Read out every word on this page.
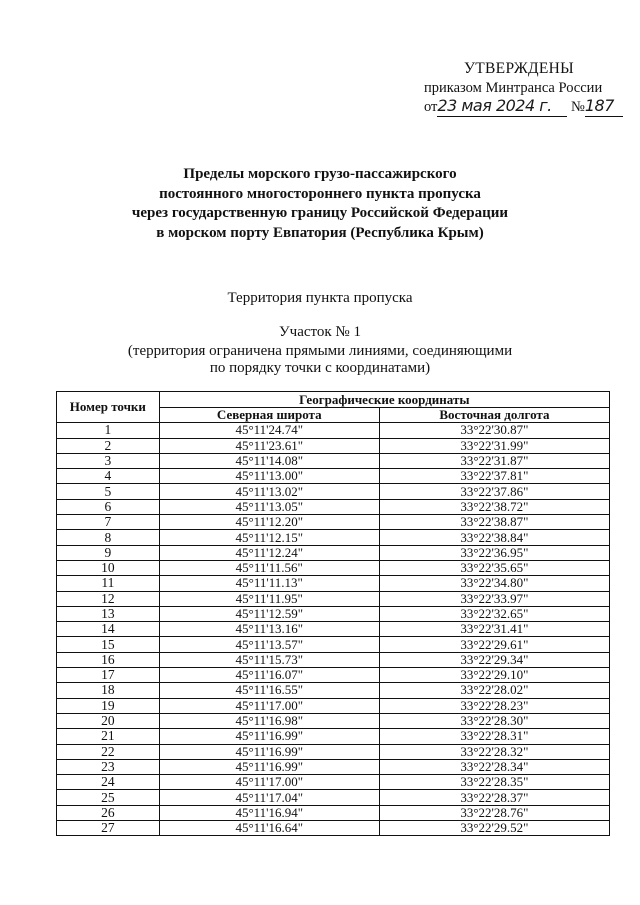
УТВЕРЖДЕНЫ
приказом Минтранса России
от23 мая 2024 г. №187
Пределы морского грузо-пассажирского
постоянного многостороннего пункта пропуска
через государственную границу Российской Федерации
в морском порту Евпатория (Республика Крым)
Территория пункта пропуска
Участок № 1
(территория ограничена прямыми линиями, соединяющими
по порядку точки с координатами)
Номер точки	Географические координаты	
	Северная широта	Восточная долгота
1	45°11'24.74"	33°22'30.87"
2	45°11'23.61"	33°22'31.99"
3	45°11'14.08"	33°22'31.87"
4	45°11'13.00"	33°22'37.81"
5	45°11'13.02"	33°22'37.86"
6	45°11'13.05"	33°22'38.72"
7	45°11'12.20"	33°22'38.87"
8	45°11'12.15"	33°22'38.84"
9	45°11'12.24"	33°22'36.95"
10	45°11'11.56"	33°22'35.65"
11	45°11'11.13"	33°22'34.80"
12	45°11'11.95"	33°22'33.97"
13	45°11'12.59"	33°22'32.65"
14	45°11'13.16"	33°22'31.41"
15	45°11'13.57"	33°22'29.61"
16	45°11'15.73"	33°22'29.34"
17	45°11'16.07"	33°22'29.10"
18	45°11'16.55"	33°22'28.02"
19	45°11'17.00"	33°22'28.23"
20	45°11'16.98"	33°22'28.30"
21	45°11'16.99"	33°22'28.31"
22	45°11'16.99"	33°22'28.32"
23	45°11'16.99"	33°22'28.34"
24	45°11'17.00"	33°22'28.35"
25	45°11'17.04"	33°22'28.37"
26	45°11'16.94"	33°22'28.76"
27	45°11'16.64"	33°22'29.52"
